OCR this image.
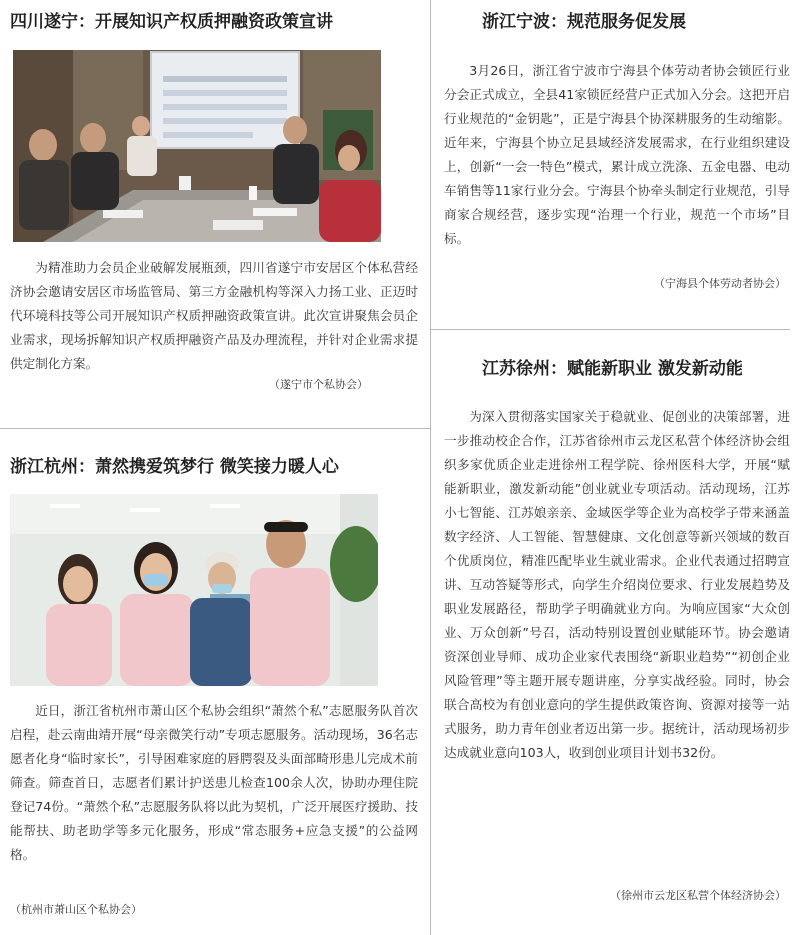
四川遂宁：开展知识产权质押融资政策宣讲

为精准助力会员企业破解发展瓶颈，四川省遂宁市安居区个体私营经济协会邀请安居区市场监管局、第三方金融机构等深入力扬工业、正迈时代环境科技等公司开展知识产权质押融资政策宣讲。此次宣讲聚焦会员企业需求，现场拆解知识产权质押融资产品及办理流程，并针对企业需求提供定制化方案。

（遂宁市个私协会）
浙江杭州：萧然携爱筑梦行 微笑接力暖人心

近日，浙江省杭州市萧山区个私协会组织“萧然个私”志愿服务队首次启程，赴云南曲靖开展“母亲微笑行动”专项志愿服务。活动现场，36名志愿者化身“临时家长”，引导困难家庭的唇腭裂及头面部畸形患儿完成术前筛查。筛查首日，志愿者们累计护送患儿检查100余人次，协助办理住院登记74份。“萧然个私”志愿服务队将以此为契机，广泛开展医疗援助、技能帮扶、助老助学等多元化服务，形成“常态服务+应急支援”的公益网格。

（杭州市萧山区个私协会）
浙江宁波：规范服务促发展

3月26日，浙江省宁波市宁海县个体劳动者协会锁匠行业分会正式成立，全县41家锁匠经营户正式加入分会。这把开启行业规范的“金钥匙”，正是宁海县个协深耕服务的生动缩影。近年来，宁海县个协立足县域经济发展需求，在行业组织建设上，创新“一会一特色”模式，累计成立洗涤、五金电器、电动车销售等11家行业分会。宁海县个协牵头制定行业规范，引导商家合规经营，逐步实现“治理一个行业，规范一个市场”目标。

（宁海县个体劳动者协会）
江苏徐州：赋能新职业 激发新动能

为深入贯彻落实国家关于稳就业、促创业的决策部署，进一步推动校企合作，江苏省徐州市云龙区私营个体经济协会组织多家优质企业走进徐州工程学院、徐州医科大学，开展“赋能新职业，激发新动能”创业就业专项活动。活动现场，江苏小七智能、江苏娘亲亲、金域医学等企业为高校学子带来涵盖数字经济、人工智能、智慧健康、文化创意等新兴领域的数百个优质岗位，精准匹配毕业生就业需求。企业代表通过招聘宣讲、互动答疑等形式，向学生介绍岗位要求、行业发展趋势及职业发展路径，帮助学子明确就业方向。为响应国家“大众创业、万众创新”号召，活动特别设置创业赋能环节。协会邀请资深创业导师、成功企业家代表围绕“新职业趋势”“初创企业风险管理”等主题开展专题讲座，分享实战经验。同时，协会联合高校为有创业意向的学生提供政策咨询、资源对接等一站式服务，助力青年创业者迈出第一步。据统计，活动现场初步达成就业意向103人，收到创业项目计划书32份。

（徐州市云龙区私营个体经济协会）
